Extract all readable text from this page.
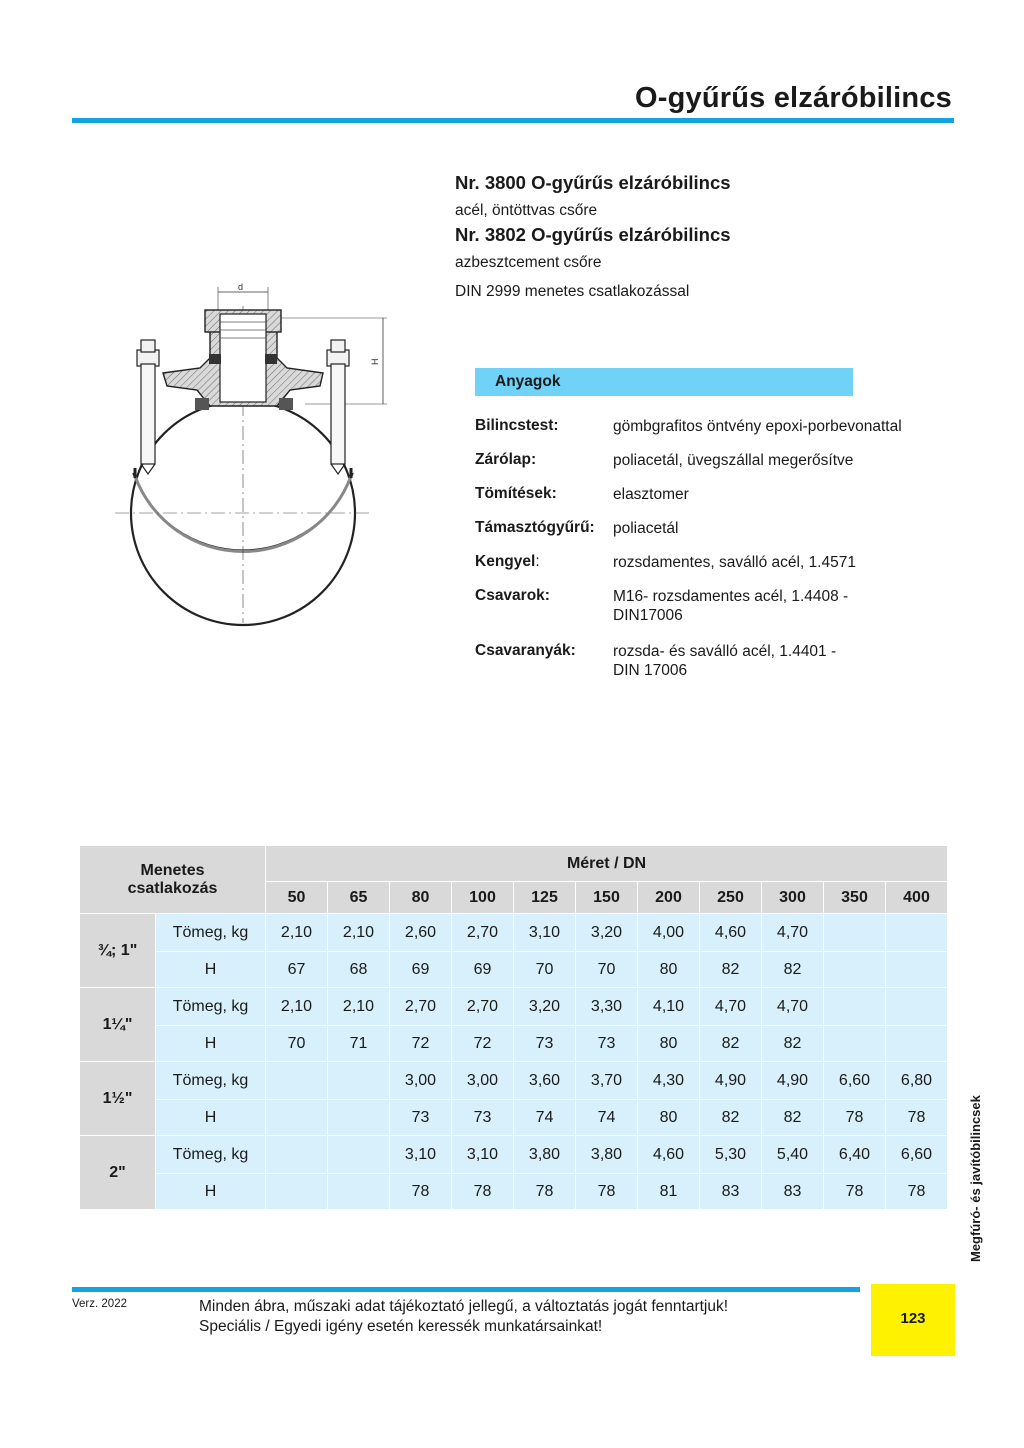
O-gyűrűs elzáróbilincs
Nr. 3800 O-gyűrűs elzáróbilincs
acél, öntöttvas csőre
Nr. 3802 O-gyűrűs elzáróbilincs
azbesztcement csőre
DIN 2999 menetes csatlakozással
d
H
Anyagok
Bilincstest:	gömbgrafitos öntvény epoxi-porbevonattal
Zárólap:	poliacetál, üvegszállal megerősítve
Tömítések:	elasztomer
Támasztógyűrű:	poliacetál
Kengyel:	rozsdamentes, saválló acél, 1.4571
Csavarok:	M16- rozsdamentes acél, 1.4408 -
DIN17006
Csavaranyák:	rozsda- és saválló acél, 1.4401 -
DIN 17006
Menetes
csatlakozás		Méret / DN										
		50	65	80	100	125	150	200	250	300	350	400
¾; 1"	Tömeg, kg	2,10	2,10	2,60	2,70	3,10	3,20	4,00	4,60	4,70		
	H	67	68	69	69	70	70	80	82	82		
1¼"	Tömeg, kg	2,10	2,10	2,70	2,70	3,20	3,30	4,10	4,70	4,70		
	H	70	71	72	72	73	73	80	82	82		
1½"	Tömeg, kg			3,00	3,00	3,60	3,70	4,30	4,90	4,90	6,60	6,80
	H			73	73	74	74	80	82	82	78	78
2"	Tömeg, kg			3,10	3,10	3,80	3,80	4,60	5,30	5,40	6,40	6,60
	H			78	78	78	78	81	83	83	78	78	Megfúró- és javítóbilincsek
123
Verz. 2022	Minden ábra, műszaki adat tájékoztató jellegű, a változtatás jogát fenntartjuk!
Speciális / Egyedi igény esetén keressék munkatársainkat!
